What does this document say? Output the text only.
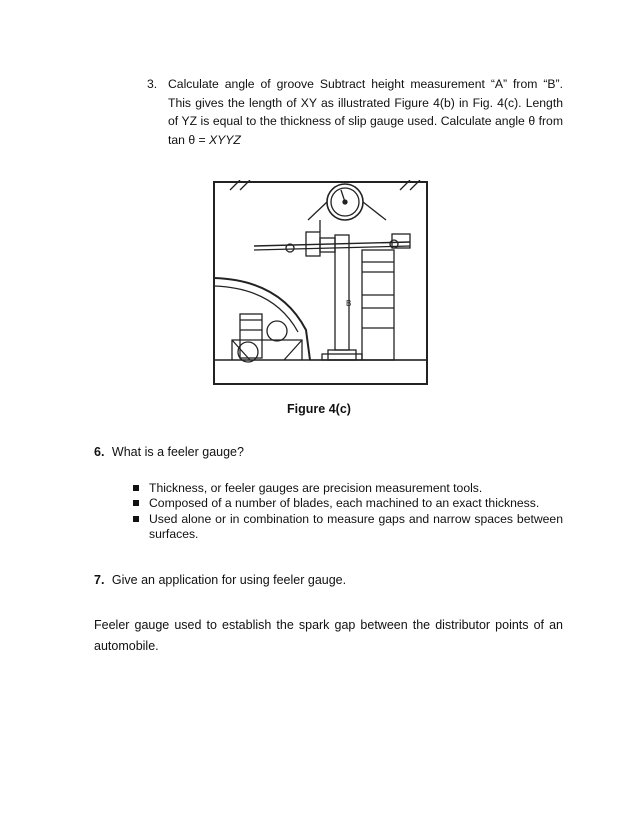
3. Calculate angle of groove Subtract height measurement “A” from “B”. This gives the length of XY as illustrated Figure 4(b) in Fig. 4(c). Length of YZ is equal to the thickness of slip gauge used. Calculate angle θ from tan θ = XYYZ
B
Figure 4(c)
6. What is a feeler gauge?
Thickness, or feeler gauges are precision measurement tools.
Composed of a number of blades, each machined to an exact thickness.
Used alone or in combination to measure gaps and narrow spaces between surfaces.
7. Give an application for using feeler gauge.
Feeler gauge used to establish the spark gap between the distributor points of an automobile.
